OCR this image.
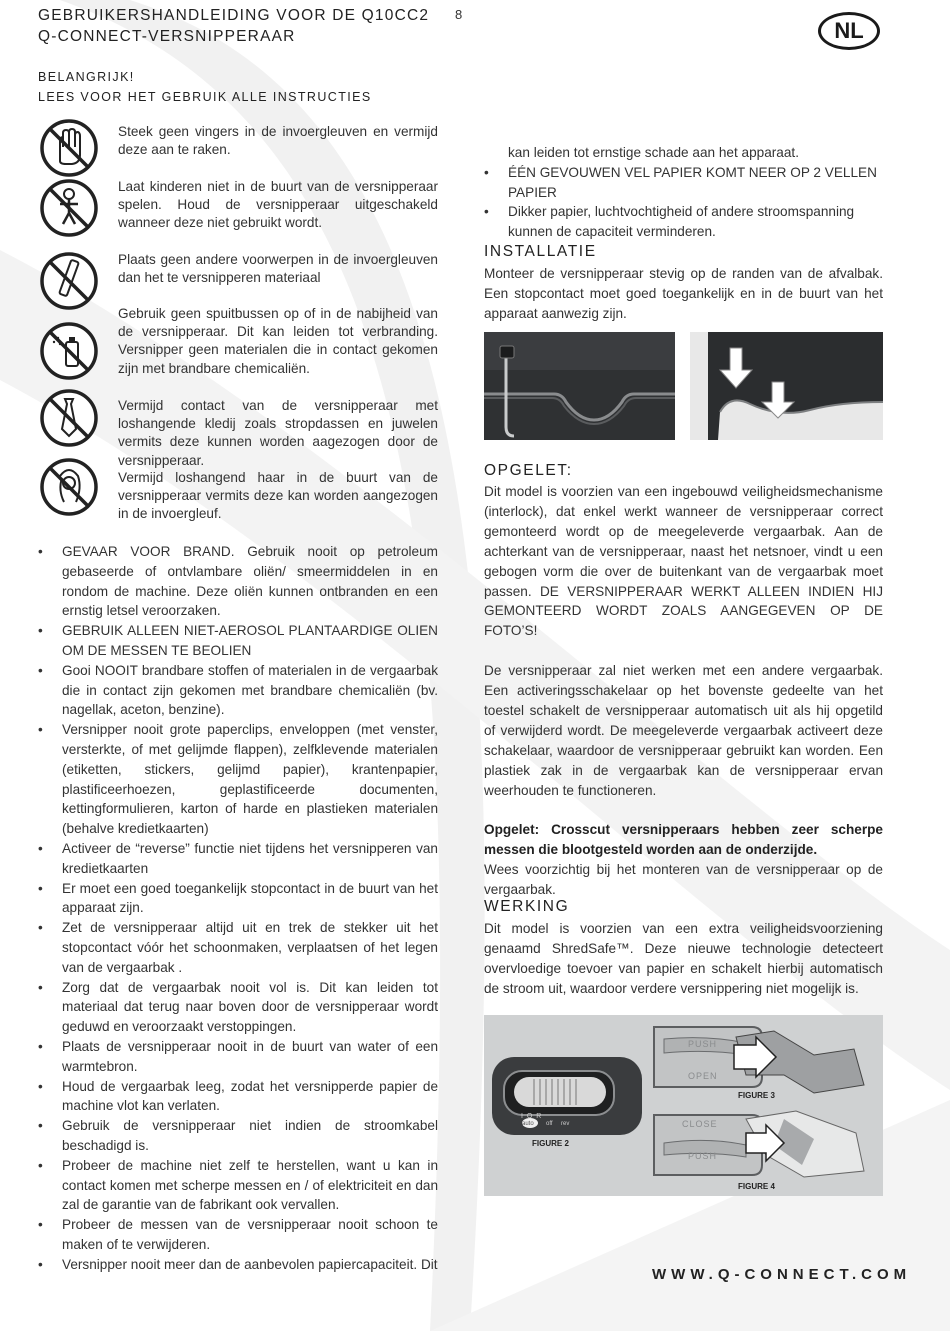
GEBRUIKERSHANDLEIDING VOOR DE Q10CC2
Q-CONNECT-VERSNIPPERAAR
8
NL
BELANGRIJK!
LEES VOOR HET GEBRUIK ALLE INSTRUCTIES
Steek geen vingers in de invoergleuven en vermijd deze aan te raken.
Laat kinderen niet in de buurt van de versnipperaar spelen. Houd de versnipperaar uitgeschakeld wanneer deze niet gebruikt wordt.
Plaats geen andere voorwerpen in de invoergleuven dan het te versnipperen materiaal
Gebruik geen spuitbussen op of in de nabijheid van de versnipperaar. Dit kan leiden tot verbranding. Versnipper geen materialen die in contact gekomen zijn met brandbare chemicaliën.
Vermijd contact van de versnipperaar met loshangende kledij zoals stropdassen en juwelen vermits deze kunnen worden aagezogen door de versnipperaar.
Vermijd loshangend haar in de buurt van de versnipperaar vermits deze kan worden aangezogen in de invoergleuf.
• GEVAAR VOOR BRAND. Gebruik nooit op petroleum gebaseerde of ontvlambare oliën/ smeermiddelen in en rondom de machine. Deze oliën kunnen ontbranden en een ernstig letsel veroorzaken.
• GEBRUIK ALLEEN NIET-AEROSOL PLANTAARDIGE OLIEN OM DE MESSEN TE BEOLIEN
• Gooi NOOIT brandbare stoffen of materialen in de vergaarbak die in contact zijn gekomen met brandbare chemicaliën (bv. nagellak, aceton, benzine).
• Versnipper nooit grote paperclips, enveloppen (met venster, versterkte, of met gelijmde flappen), zelfklevende materialen (etiketten, stickers, gelijmd papier), krantenpapier, plastificeerhoezen, geplastificeerde documenten, kettingformulieren, karton of harde en plastieken materialen (behalve kredietkaarten)
• Activeer de “reverse” functie niet tijdens het versnipperen van kredietkaarten
• Er moet een goed toegankelijk stopcontact in de buurt van het apparaat zijn.
• Zet de versnipperaar altijd uit en trek de stekker uit het stopcontact vóór het schoonmaken, verplaatsen of het legen van de vergaarbak .
• Zorg dat de vergaarbak nooit vol is. Dit kan leiden tot materiaal dat terug naar boven door de versnipperaar wordt geduwd en veroorzaakt verstoppingen.
• Plaats de versnipperaar nooit in de buurt van water of een warmtebron.
• Houd de vergaarbak leeg, zodat het versnipperde papier de machine vlot kan verlaten.
• Gebruik de versnipperaar niet indien de stroomkabel beschadigd is.
• Probeer de machine niet zelf te herstellen, want u kan in contact komen met scherpe messen en / of elektriciteit en dan zal de garantie van de fabrikant ook vervallen.
• Probeer de messen van de versnipperaar nooit schoon te maken of te verwijderen.
• Versnipper nooit meer dan de aanbevolen papiercapaciteit. Dit
kan leiden tot ernstige schade aan het apparaat.
• ÉÉN GEVOUWEN VEL PAPIER KOMT NEER OP 2 VELLEN PAPIER
• Dikker papier, luchtvochtigheid of andere stroomspanning kunnen de capaciteit verminderen.
INSTALLATIE
Monteer de versnipperaar stevig op de randen van de afvalbak. Een stopcontact moet goed toegankelijk en in de buurt van het apparaat aanwezig zijn.
OPGELET:

Dit model is voorzien van een ingebouwd veiligheidsmechanisme (interlock), dat enkel werkt wanneer de versnipperaar correct gemonteerd wordt op de meegeleverde vergaarbak. Aan de achterkant van de versnipperaar, naast het netsnoer, vindt u een gebogen vorm die over de buitenkant van de vergaarbak moet passen. DE VERSNIPPERAAR WERKT ALLEEN INDIEN HIJ GEMONTEERD WORDT ZOALS AANGEGEVEN OP DE FOTO’S!

De versnipperaar zal niet werken met een andere vergaarbak. Een activeringsschakelaar op het bovenste gedeelte van het toestel schakelt de versnipperaar automatisch uit als hij opgetild of verwijderd wordt. De meegeleverde vergaarbak activeert deze schakelaar, waardoor de versnipperaar gebruikt kan worden. Een plastiek zak in de vergaarbak kan de versnipperaar ervan weerhouden te functioneren.

Opgelet: Crosscut versnipperaars hebben zeer scherpe messen die blootgesteld worden aan de onderzijde.
Wees voorzichtig bij het monteren van de versnipperaar op de vergaarbak.

WERKING
Dit model is voorzien van een extra veiligheidsvoorziening genaamd ShredSafe™. Deze nieuwe technologie detecteert overvloedige toevoer van papier en schakelt hierbij automatisch de stroom uit, waardoor verdere versnippering niet mogelijk is.
I O R
auto off rev
FIGURE 2
PUSH
OPEN
FIGURE 3
CLOSE
PUSH
FIGURE 4
WWW.Q-CONNECT.COM
